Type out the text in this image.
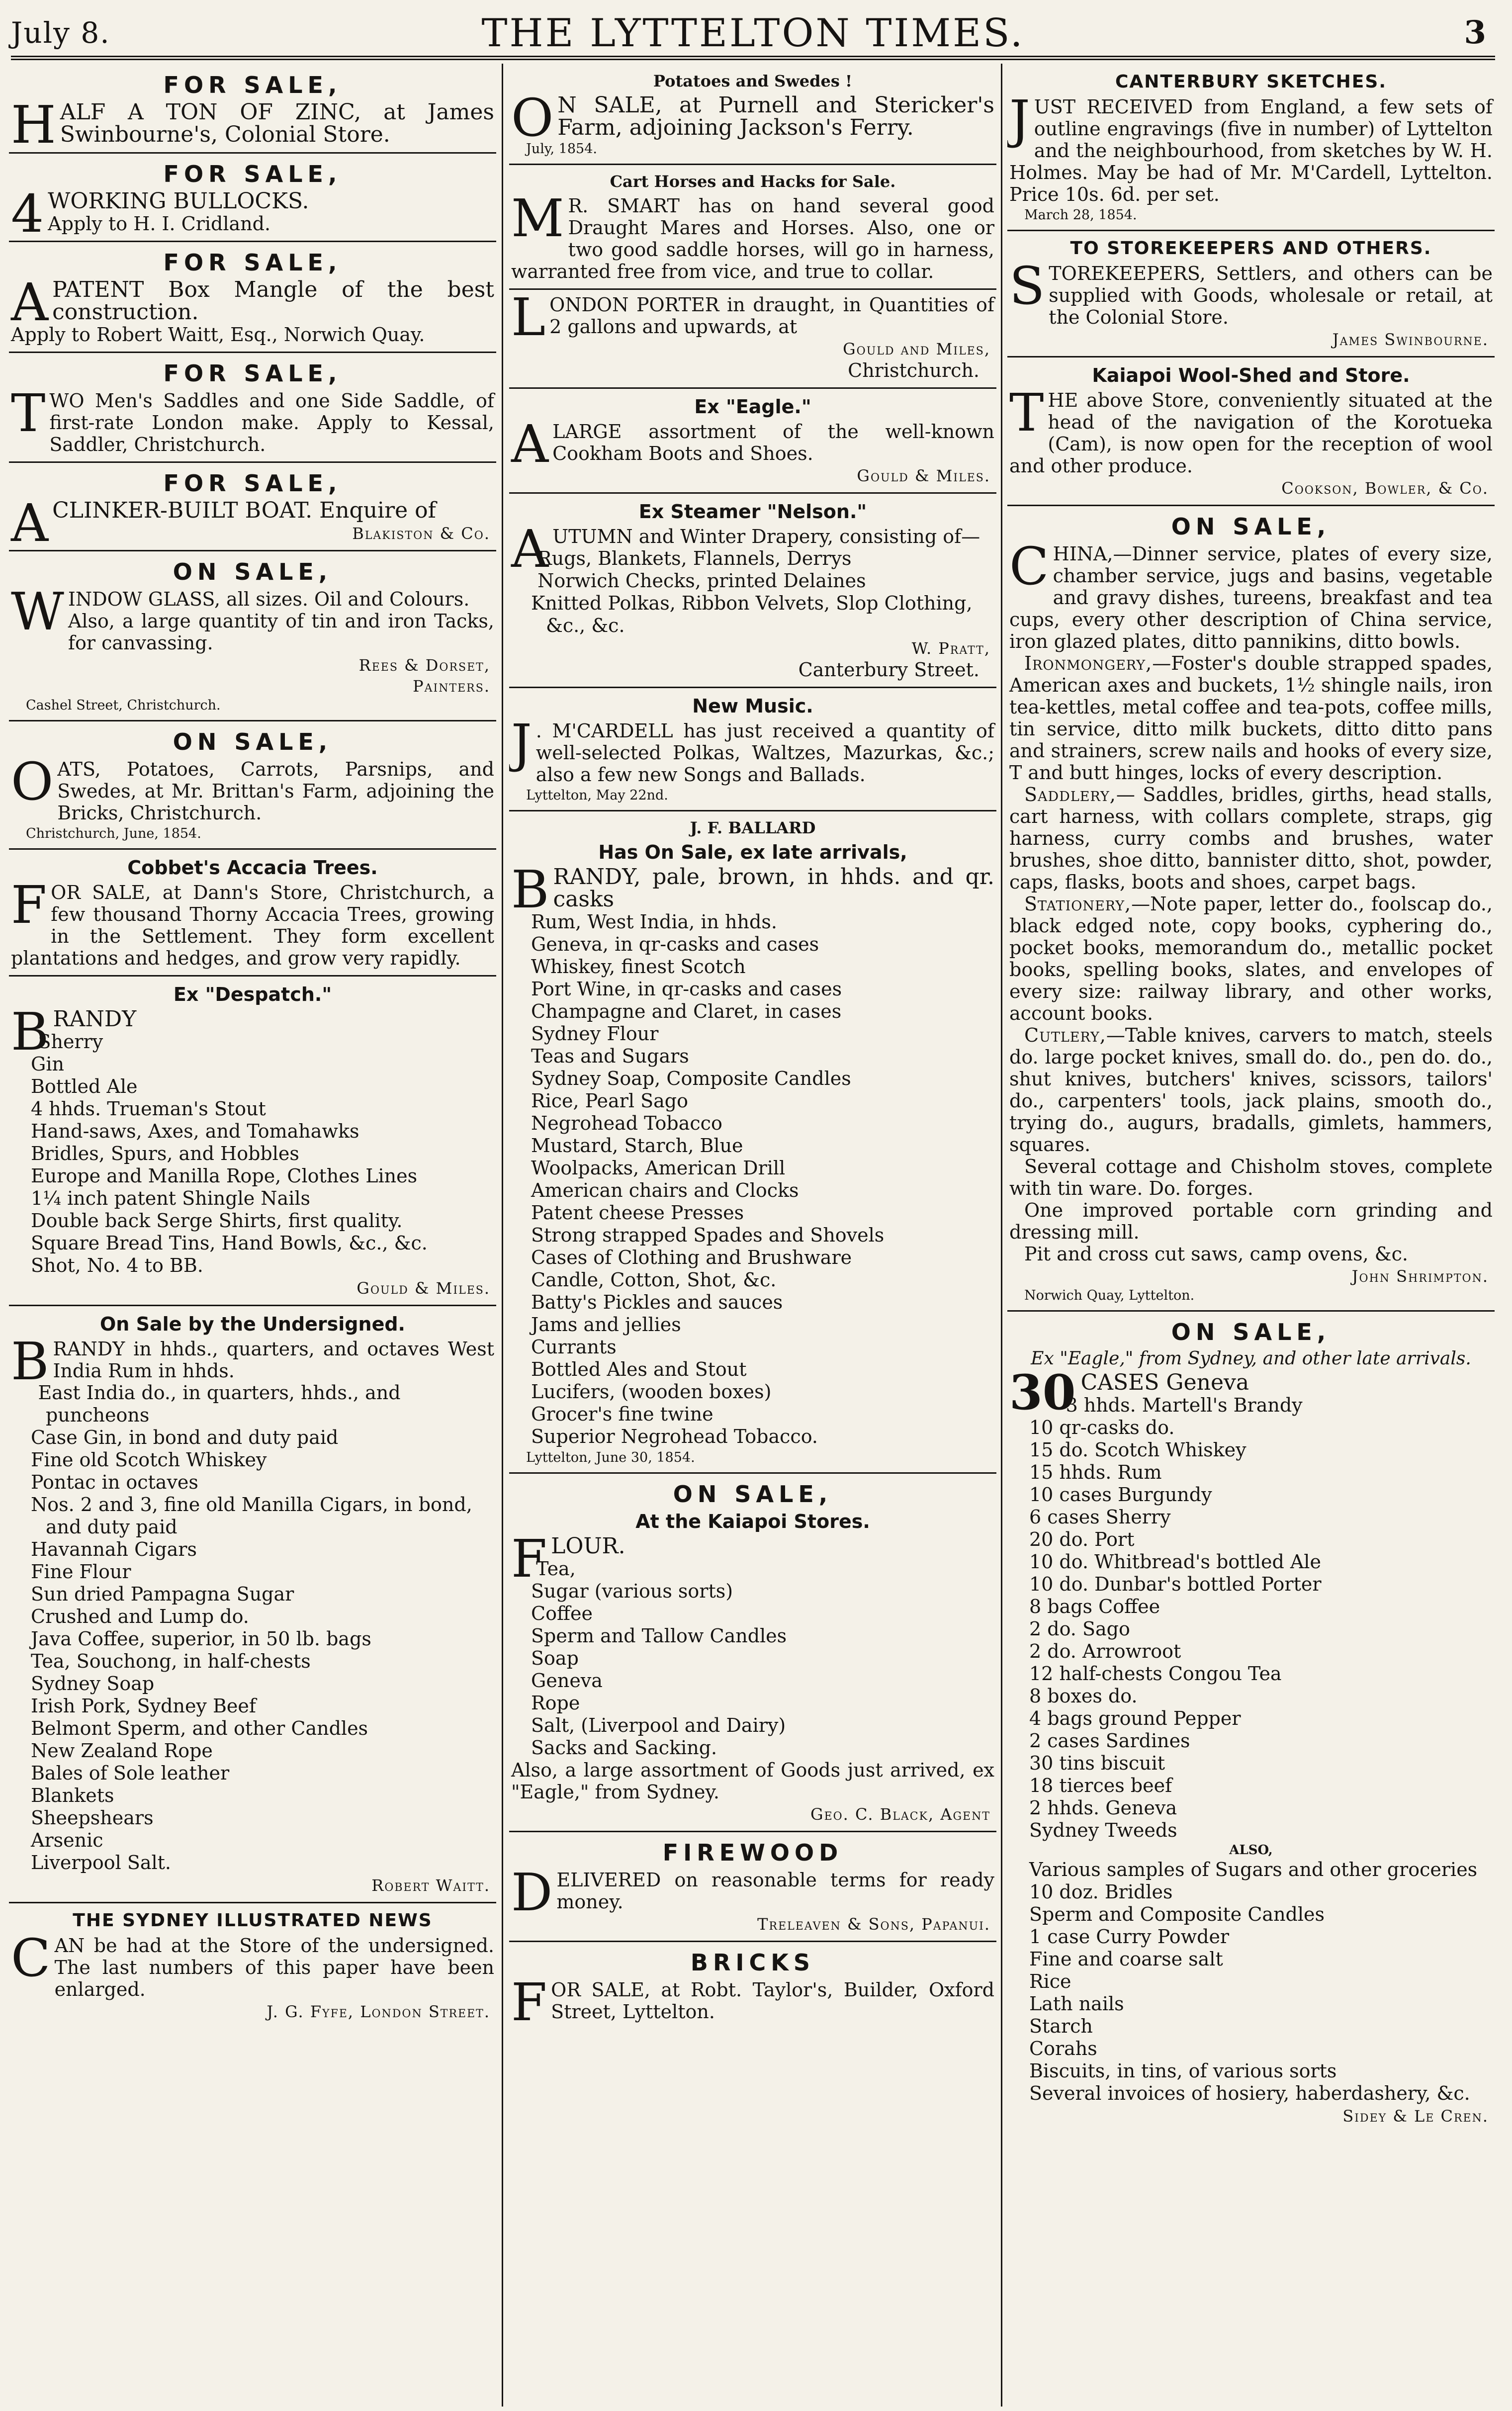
July 8.	THE LYTTELTON TIMES.	3
FOR SALE,

HALF A TON OF ZINC, at James Swinbourne's, Colonial Store.

FOR SALE,

4 WORKING BULLOCKS.
Apply to H. I. Cridland.

FOR SALE,

APATENT Box Mangle of the best construction.

Apply to Robert Waitt, Esq., Norwich Quay.

FOR SALE,

TWO Men's Saddles and one Side Saddle, of first-rate London make. Apply to Kessal, Saddler, Christchurch.

FOR SALE,

ACLINKER-BUILT BOAT. Enquire of

Blakiston & Co.
ON SALE,

WINDOW GLASS, all sizes. Oil and Colours.

Also, a large quantity of tin and iron Tacks, for canvassing.

Rees & Dorset,
Painters.
Cashel Street, Christchurch.
ON SALE,

OATS, Potatoes, Carrots, Parsnips, and Swedes, at Mr. Brittan's Farm, adjoining the Bricks, Christchurch.

Christchurch, June, 1854.
Cobbet's Accacia Trees.

FOR SALE, at Dann's Store, Christchurch, a few thousand Thorny Accacia Trees, growing in the Settlement. They form excellent plantations and hedges, and grow very rapidly.

Ex "Despatch."

BRANDY

Sherry

Gin

Bottled Ale

4 hhds. Trueman's Stout

Hand-saws, Axes, and Tomahawks

Bridles, Spurs, and Hobbles

Europe and Manilla Rope, Clothes Lines

1¼ inch patent Shingle Nails

Double back Serge Shirts, first quality.

Square Bread Tins, Hand Bowls, &c., &c.

Shot, No. 4 to BB.

Gould & Miles.
On Sale by the Undersigned.

BRANDY in hhds., quarters, and octaves West India Rum in hhds.

East India do., in quarters, hhds., and puncheons

Case Gin, in bond and duty paid

Fine old Scotch Whiskey

Pontac in octaves

Nos. 2 and 3, fine old Manilla Cigars, in bond, and duty paid

Havannah Cigars

Fine Flour

Sun dried Pampagna Sugar

Crushed and Lump do.

Java Coffee, superior, in 50 lb. bags

Tea, Souchong, in half-chests

Sydney Soap

Irish Pork, Sydney Beef

Belmont Sperm, and other Candles

New Zealand Rope

Bales of Sole leather

Blankets

Sheepshears

Arsenic

Liverpool Salt.

Robert Waitt.
THE SYDNEY ILLUSTRATED NEWS

CAN be had at the Store of the undersigned. The last numbers of this paper have been enlarged.

J. G. Fyfe, London Street.
Potatoes and Swedes !

O N SALE, at Purnell and Stericker's Farm, adjoining Jackson's Ferry.

July, 1854.
Cart Horses and Hacks for Sale.

M R. SMART has on hand several good Draught Mares and Horses. Also, one or two good saddle horses, will go in harness, warranted free from vice, and true to collar.

LONDON PORTER in draught, in Quantities of 2 gallons and upwards, at

Gould and Miles,
Christchurch.
Ex "Eagle."

ALARGE assortment of the well-known Cookham Boots and Shoes.

Gould & Miles.
Ex Steamer "Nelson."

AUTUMN and Winter Drapery, consisting of—

Rugs, Blankets, Flannels, Derrys

Norwich Checks, printed Delaines

Knitted Polkas, Ribbon Velvets, Slop Clothing, &c., &c.

W. Pratt,
Canterbury Street.
New Music.

J . M'CARDELL has just received a quantity of well-selected Polkas, Waltzes, Mazurkas, &c.; also a few new Songs and Ballads.

Lyttelton, May 22nd.
J. F. BALLARD
Has On Sale, ex late arrivals,

BRANDY, pale, brown, in hhds. and qr. casks

Rum, West India, in hhds.

Geneva, in qr-casks and cases

Whiskey, finest Scotch

Port Wine, in qr-casks and cases

Champagne and Claret, in cases

Sydney Flour

Teas and Sugars

Sydney Soap, Composite Candles

Rice, Pearl Sago

Negrohead Tobacco

Mustard, Starch, Blue

Woolpacks, American Drill

American chairs and Clocks

Patent cheese Presses

Strong strapped Spades and Shovels

Cases of Clothing and Brushware

Candle, Cotton, Shot, &c.

Batty's Pickles and sauces

Jams and jellies

Currants

Bottled Ales and Stout

Lucifers, (wooden boxes)

Grocer's fine twine

Superior Negrohead Tobacco.

Lyttelton, June 30, 1854.
ON SALE,
At the Kaiapoi Stores.

FLOUR.

Tea,

Sugar (various sorts)

Coffee

Sperm and Tallow Candles

Soap

Geneva

Rope

Salt, (Liverpool and Dairy)

Sacks and Sacking.

Also, a large assortment of Goods just arrived, ex "Eagle," from Sydney.

Geo. C. Black, Agent
FIREWOOD

DELIVERED on reasonable terms for ready money.

Treleaven & Sons, Papanui.
BRICKS

FOR SALE, at Robt. Taylor's, Builder, Oxford Street, Lyttelton.

CANTERBURY SKETCHES.

JUST RECEIVED from England, a few sets of outline engravings (five in number) of Lyttelton and the neighbourhood, from sketches by W. H. Holmes. May be had of Mr. M'Cardell, Lyttelton. Price 10s. 6d. per set.

March 28, 1854.
TO STOREKEEPERS AND OTHERS.

STOREKEEPERS, Settlers, and others can be supplied with Goods, wholesale or retail, at the Colonial Store.

James Swinbourne.
Kaiapoi Wool-Shed and Store.

THE above Store, conveniently situated at the head of the navigation of the Korotueka (Cam), is now open for the reception of wool and other produce.

Cookson, Bowler, & Co.
ON SALE,

CHINA,—Dinner service, plates of every size, chamber service, jugs and basins, vegetable and gravy dishes, tureens, breakfast and tea cups, every other description of China service, iron glazed plates, ditto pannikins, ditto bowls.

Ironmongery,—Foster's double strapped spades, American axes and buckets, 1½ shingle nails, iron tea-kettles, metal coffee and tea-pots, coffee mills, tin service, ditto milk buckets, ditto ditto pans and strainers, screw nails and hooks of every size, T and butt hinges, locks of every description.

Saddlery,— Saddles, bridles, girths, head stalls, cart harness, with collars complete, straps, gig harness, curry combs and brushes, water brushes, shoe ditto, bannister ditto, shot, powder, caps, flasks, boots and shoes, carpet bags.

Stationery,—Note paper, letter do., foolscap do., black edged note, copy books, cyphering do., pocket books, memorandum do., metallic pocket books, spelling books, slates, and envelopes of every size: railway library, and other works, account books.

Cutlery,—Table knives, carvers to match, steels do. large pocket knives, small do. do., pen do. do., shut knives, butchers' knives, scissors, tailors' do., carpenters' tools, jack plains, smooth do., trying do., augurs, bradalls, gimlets, hammers, squares.

Several cottage and Chisholm stoves, complete with tin ware. Do. forges.

One improved portable corn grinding and dressing mill.

Pit and cross cut saws, camp ovens, &c.

John Shrimpton.
Norwich Quay, Lyttelton.
ON SALE,
Ex "Eagle," from Sydney, and other late arrivals.

30 CASES Geneva

3 hhds. Martell's Brandy

10 qr-casks do.

15 do. Scotch Whiskey

15 hhds. Rum

10 cases Burgundy

6 cases Sherry

20 do. Port

10 do. Whitbread's bottled Ale

10 do. Dunbar's bottled Porter

8 bags Coffee

2 do. Sago

2 do. Arrowroot

12 half-chests Congou Tea

8 boxes do.

4 bags ground Pepper

2 cases Sardines

30 tins biscuit

18 tierces beef

2 hhds. Geneva

Sydney Tweeds

ALSO,

Various samples of Sugars and other groceries

10 doz. Bridles

Sperm and Composite Candles

1 case Curry Powder

Fine and coarse salt

Rice

Lath nails

Starch

Corahs

Biscuits, in tins, of various sorts

Several invoices of hosiery, haberdashery, &c.

Sidey & Le Cren.
